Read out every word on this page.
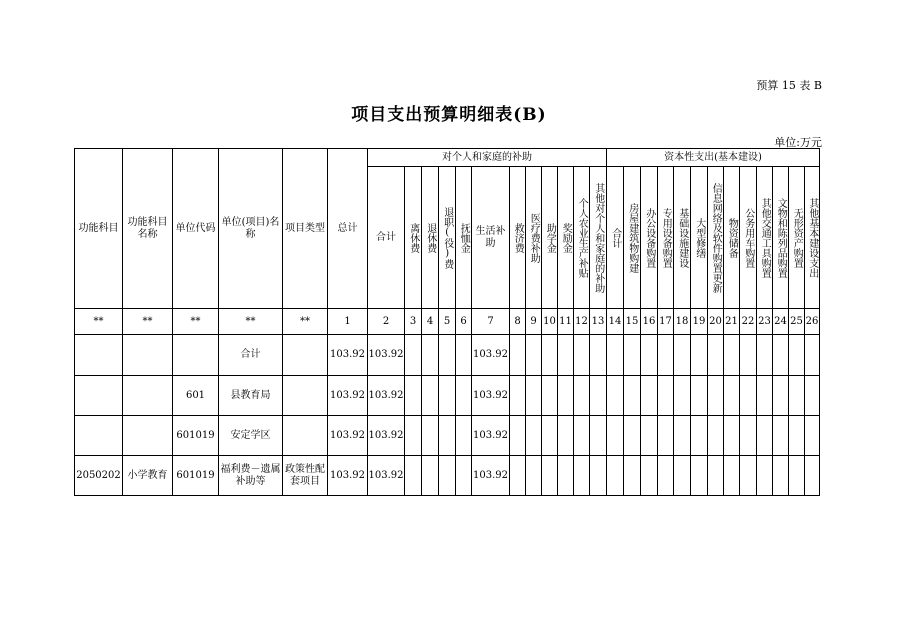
预算 15 表 B
项目支出预算明细表(B)
单位:万元
功能科目	功能科目名称	单位代码	单位(项目)名称	项目类型	总计	对个人和家庭的补助												资本性支出(基本建设)												
						合计	离休费	退休费	退职(役)费	抚恤金	生活补助	救济费	医疗费补助	助学金	奖励金	个人农业生产补贴	其他对个人和家庭的补助	合计	房屋建筑物购建	办公设备购置	专用设备购置	基础设施建设	大型修缮	信息网络及软件购置更新	物资储备	公务用车购置	其他交通工具购置	文物和陈列品购置	无形资产购置	其他基本建设支出
**	**	**	**	**	1	2	3	4	5	6	7	8	9	10	11	12	13	14	15	16	17	18	19	20	21	22	23	24	25	26
			合计		103.92	103.92					103.92																			
		601	县教育局		103.92	103.92					103.92																			
		601019	安定学区		103.92	103.92					103.92																			
2050202	小学教育	601019	福利费－遗属补助等	政策性配套项目	103.92	103.92					103.92																			
